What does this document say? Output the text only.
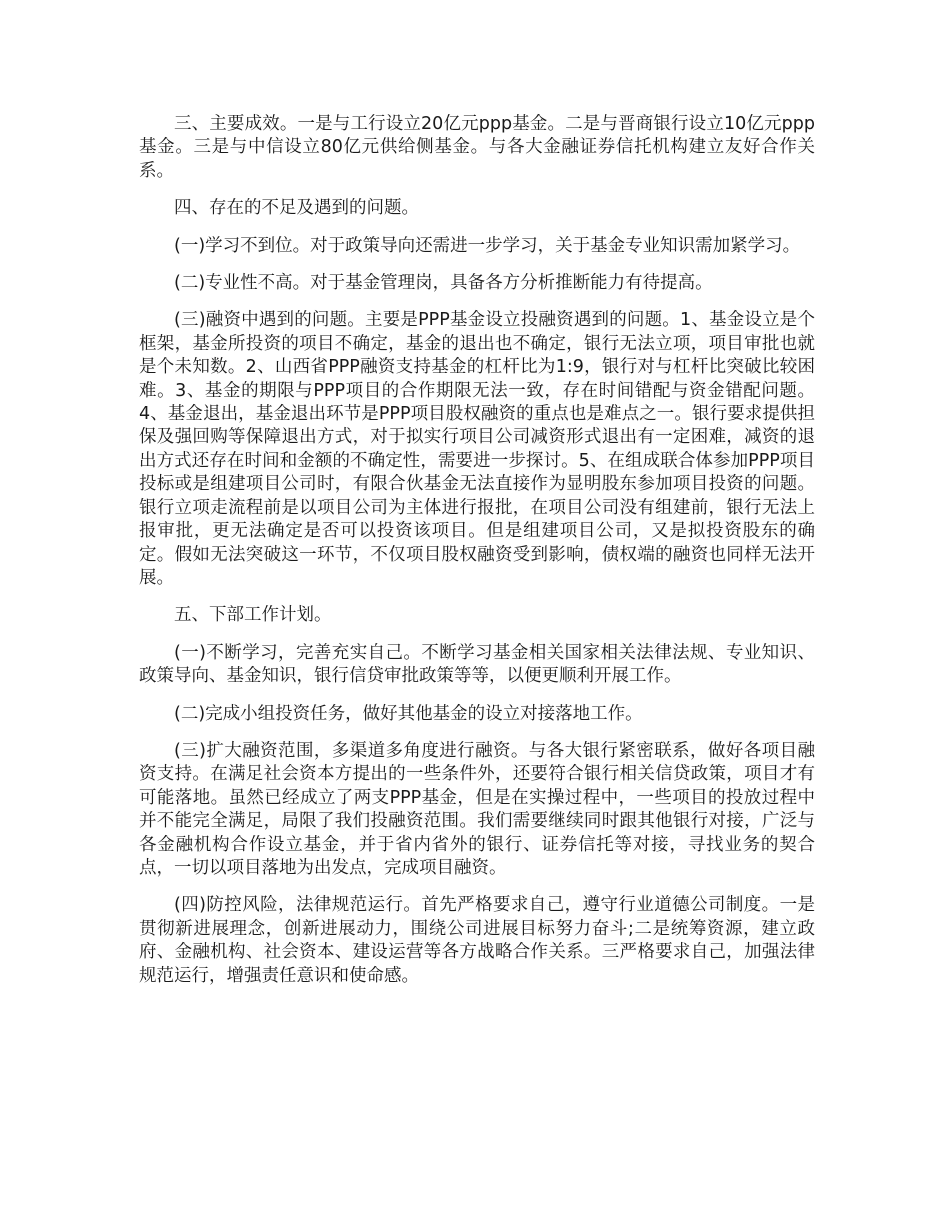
三、主要成效。一是与工行设立20亿元ppp基金。二是与晋商银行设立10亿元ppp基金。三是与中信设立80亿元供给侧基金。与各大金融证券信托机构建立友好合作关系。

四、存在的不足及遇到的问题。

(一)学习不到位。对于政策导向还需进一步学习，关于基金专业知识需加紧学习。

(二)专业性不高。对于基金管理岗，具备各方分析推断能力有待提高。

(三)融资中遇到的问题。主要是PPP基金设立投融资遇到的问题。1、基金设立是个框架，基金所投资的项目不确定，基金的退出也不确定，银行无法立项，项目审批也就是个未知数。2、山西省PPP融资支持基金的杠杆比为1:9，银行对与杠杆比突破比较困难。3、基金的期限与PPP项目的合作期限无法一致，存在时间错配与资金错配问题。4、基金退出，基金退出环节是PPP项目股权融资的重点也是难点之一。银行要求提供担保及强回购等保障退出方式，对于拟实行项目公司减资形式退出有一定困难，减资的退出方式还存在时间和金额的不确定性，需要进一步探讨。5、在组成联合体参加PPP项目投标或是组建项目公司时，有限合伙基金无法直接作为显明股东参加项目投资的问题。银行立项走流程前是以项目公司为主体进行报批，在项目公司没有组建前，银行无法上报审批，更无法确定是否可以投资该项目。但是组建项目公司，又是拟投资股东的确定。假如无法突破这一环节，不仅项目股权融资受到影响，债权端的融资也同样无法开展。

五、下部工作计划。

(一)不断学习，完善充实自己。不断学习基金相关国家相关法律法规、专业知识、政策导向、基金知识，银行信贷审批政策等等，以便更顺利开展工作。

(二)完成小组投资任务，做好其他基金的设立对接落地工作。

(三)扩大融资范围，多渠道多角度进行融资。与各大银行紧密联系，做好各项目融资支持。在满足社会资本方提出的一些条件外，还要符合银行相关信贷政策，项目才有可能落地。虽然已经成立了两支PPP基金，但是在实操过程中，一些项目的投放过程中并不能完全满足，局限了我们投融资范围。我们需要继续同时跟其他银行对接，广泛与各金融机构合作设立基金，并于省内省外的银行、证券信托等对接，寻找业务的契合点，一切以项目落地为出发点，完成项目融资。

(四)防控风险，法律规范运行。首先严格要求自己，遵守行业道德公司制度。一是贯彻新进展理念，创新进展动力，围绕公司进展目标努力奋斗;二是统筹资源，建立政府、金融机构、社会资本、建设运营等各方战略合作关系。三严格要求自己，加强法律规范运行，增强责任意识和使命感。
